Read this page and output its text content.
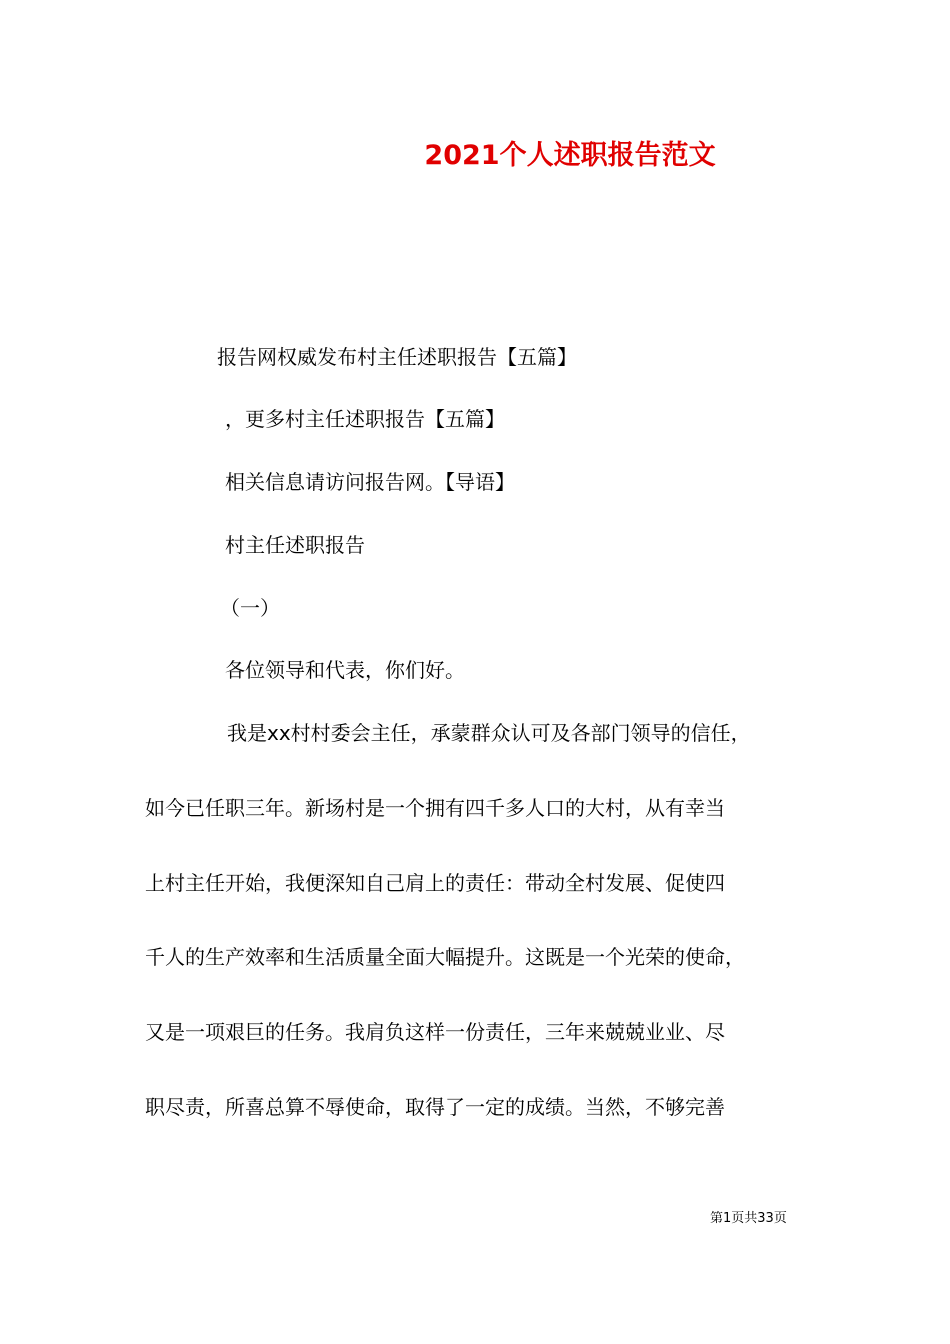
2021个人述职报告范文
报告网权威发布村主任述职报告【五篇】
，更多村主任述职报告【五篇】
相关信息请访问报告网。【导语】
村主任述职报告
（一）
各位领导和代表，你们好。
我是xx村村委会主任，承蒙群众认可及各部门领导的信任，
如今已任职三年。新场村是一个拥有四千多人口的大村，从有幸当
上村主任开始，我便深知自己肩上的责任：带动全村发展、促使四
千人的生产效率和生活质量全面大幅提升。这既是一个光荣的使命，
又是一项艰巨的任务。我肩负这样一份责任，三年来兢兢业业、尽
职尽责，所喜总算不辱使命，取得了一定的成绩。当然，不够完善
第1页共33页
